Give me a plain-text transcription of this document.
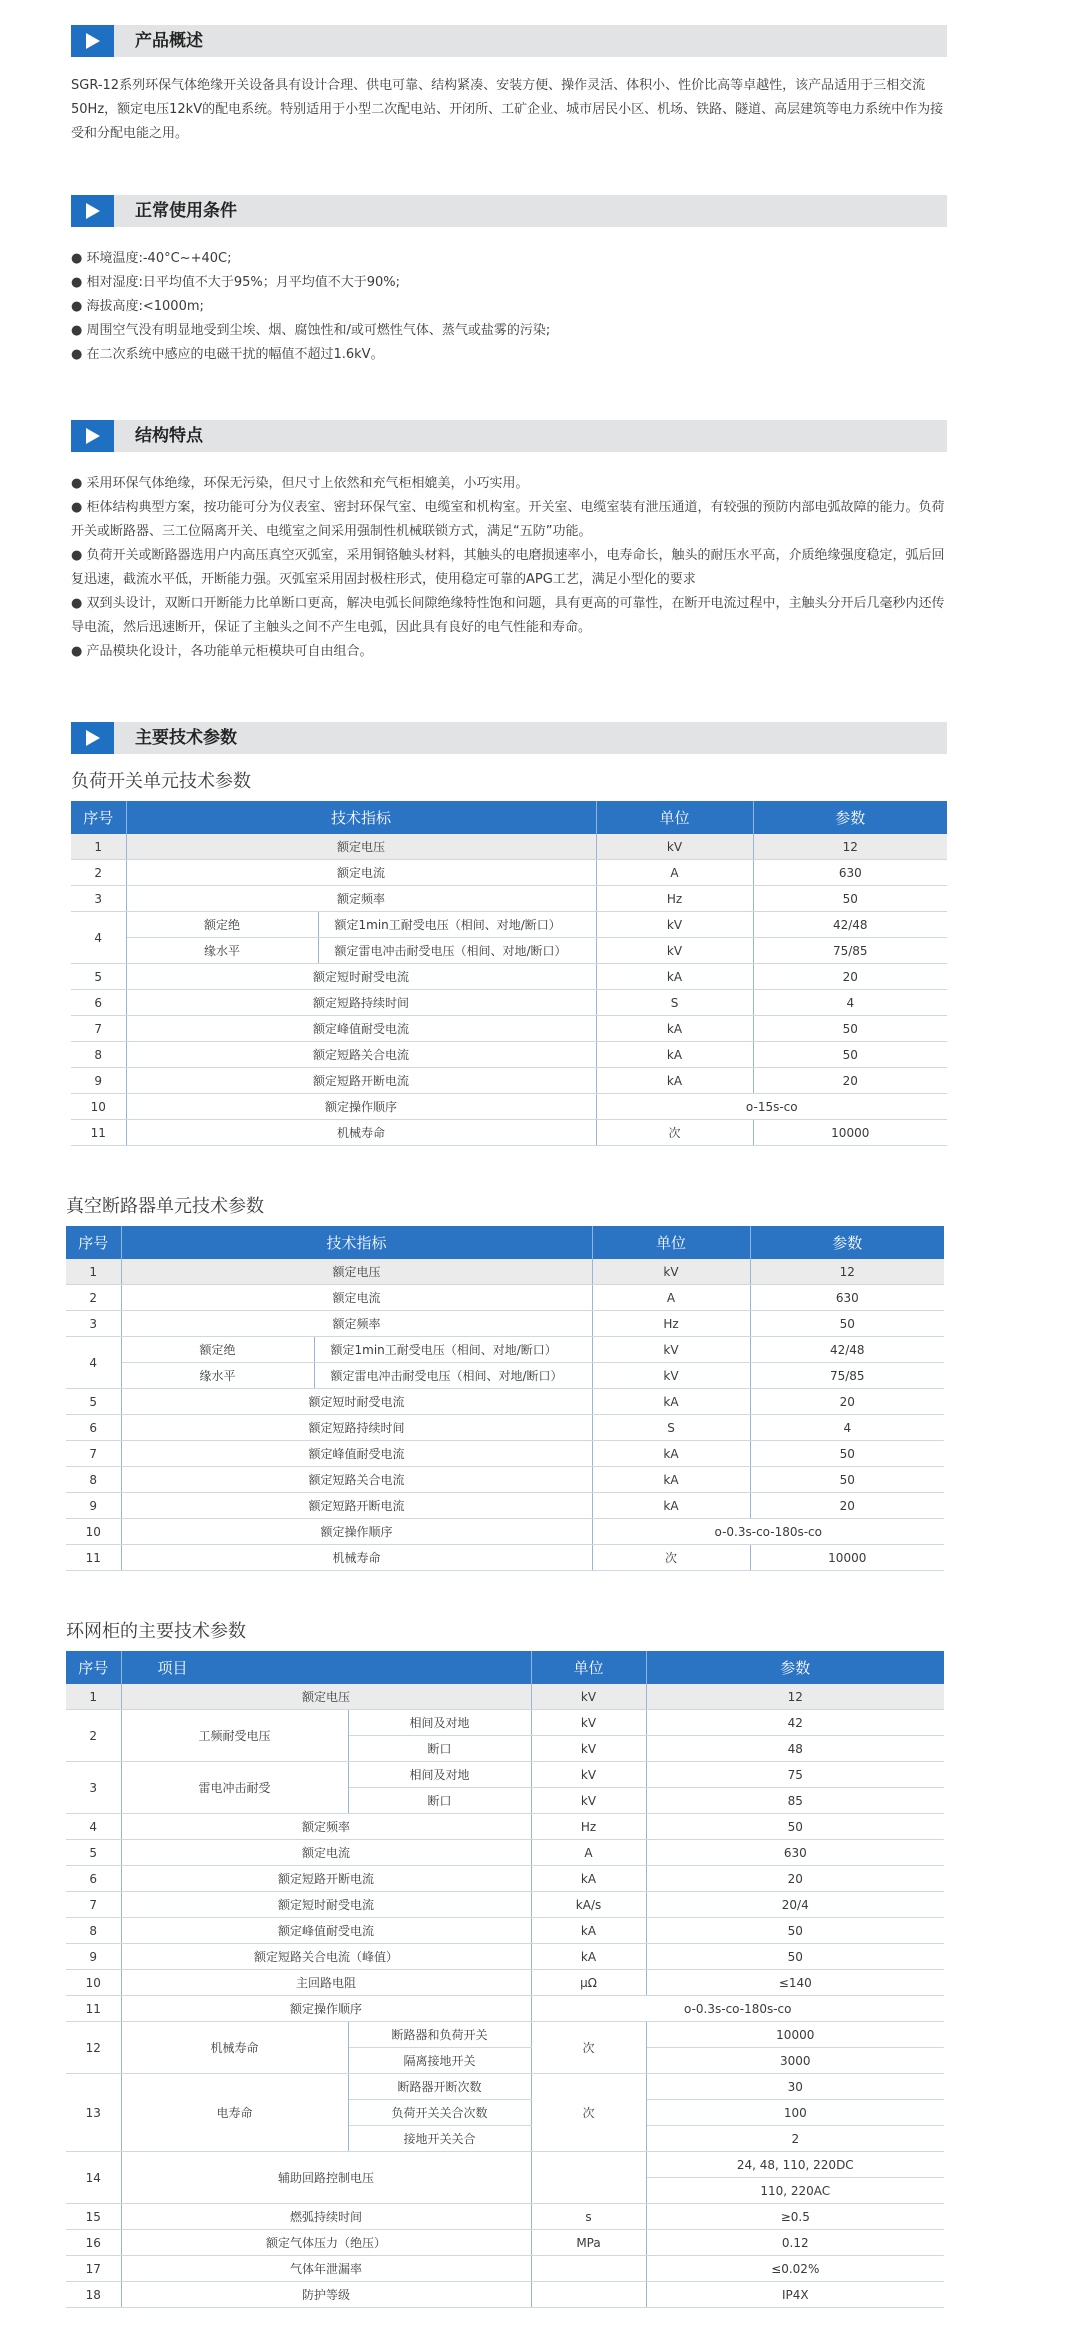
产品概述

SGR-12系列环保气体绝缘开关设备具有设计合理、供电可靠、结构紧凑、安装方便、操作灵活、体积小、性价比高等卓越性，该产品适用于三相交流50Hz，额定电压12kV的配电系统。特别适用于小型二次配电站、开闭所、工矿企业、城市居民小区、机场、铁路、隧道、高层建筑等电力系统中作为接受和分配电能之用。

正常使用条件
● 环境温度:-40°C~+40C;
● 相对湿度:日平均值不大于95%；月平均值不大于90%;
● 海拔高度:<1000m;
● 周围空气没有明显地受到尘埃、烟、腐蚀性和/或可燃性气体、蒸气或盐雾的污染;
● 在二次系统中感应的电磁干扰的幅值不超过1.6kV。
结构特点
● 采用环保气体绝缘，环保无污染，但尺寸上依然和充气柜相媲美，小巧实用。
● 柜体结构典型方案，按功能可分为仪表室、密封环保气室、电缆室和机构室。开关室、电缆室装有泄压通道，有较强的预防内部电弧故障的能力。负荷开关或断路器、三工位隔离开关、电缆室之间采用强制性机械联锁方式，满足“五防”功能。
● 负荷开关或断路器选用户内高压真空灭弧室，采用铜铬触头材料，其触头的电磨损速率小，电寿命长，触头的耐压水平高，介质绝缘强度稳定，弧后回复迅速，截流水平低，开断能力强。灭弧室采用固封极柱形式，使用稳定可靠的APG工艺，满足小型化的要求
● 双到头设计，双断口开断能力比单断口更高，解决电弧长间隙绝缘特性饱和问题，具有更高的可靠性，在断开电流过程中，主触头分开后几毫秒内还传导电流，然后迅速断开，保证了主触头之间不产生电弧，因此具有良好的电气性能和寿命。
● 产品模块化设计，各功能单元柜模块可自由组合。
主要技术参数
负荷开关单元技术参数
序号	技术指标		单位	参数
1	额定电压		kV	12
2	额定电流		A	630
3	额定频率		Hz	50
4	额定绝	额定1min工耐受电压（相间、对地/断口）	kV	42/48
	缘水平	额定雷电冲击耐受电压（相间、对地/断口）	kV	75/85
5	额定短时耐受电流		kA	20
6	额定短路持续时间		S	4
7	额定峰值耐受电流		kA	50
8	额定短路关合电流		kA	50
9	额定短路开断电流		kA	20
10	额定操作顺序		o-15s-co	
11	机械寿命		次	10000
真空断路器单元技术参数
序号	技术指标		单位	参数
1	额定电压		kV	12
2	额定电流		A	630
3	额定频率		Hz	50
4	额定绝	额定1min工耐受电压（相间、对地/断口）	kV	42/48
	缘水平	额定雷电冲击耐受电压（相间、对地/断口）	kV	75/85
5	额定短时耐受电流		kA	20
6	额定短路持续时间		S	4
7	额定峰值耐受电流		kA	50
8	额定短路关合电流		kA	50
9	额定短路开断电流		kA	20
10	额定操作顺序		o-0.3s-co-180s-co	
11	机械寿命		次	10000
环网柜的主要技术参数
序号	项目		单位	参数
1	额定电压		kV	12
2	工频耐受电压	相间及对地	kV	42
		断口	kV	48
3	雷电冲击耐受	相间及对地	kV	75
		断口	kV	85
4	额定频率		Hz	50
5	额定电流		A	630
6	额定短路开断电流		kA	20
7	额定短时耐受电流		kA/s	20/4
8	额定峰值耐受电流		kA	50
9	额定短路关合电流（峰值）		kA	50
10	主回路电阻		μΩ	≤140
11	额定操作顺序		o-0.3s-co-180s-co	
12	机械寿命	断路器和负荷开关	次	10000
		隔离接地开关		3000
13	电寿命	断路器开断次数	次	30
		负荷开关关合次数		100
		接地开关关合		2
14	辅助回路控制电压			24, 48, 110, 220DC
				110, 220AC
15	燃弧持续时间		s	≥0.5
16	额定气体压力（绝压）		MPa	0.12
17	气体年泄漏率			≤0.02%
18	防护等级			IP4X
